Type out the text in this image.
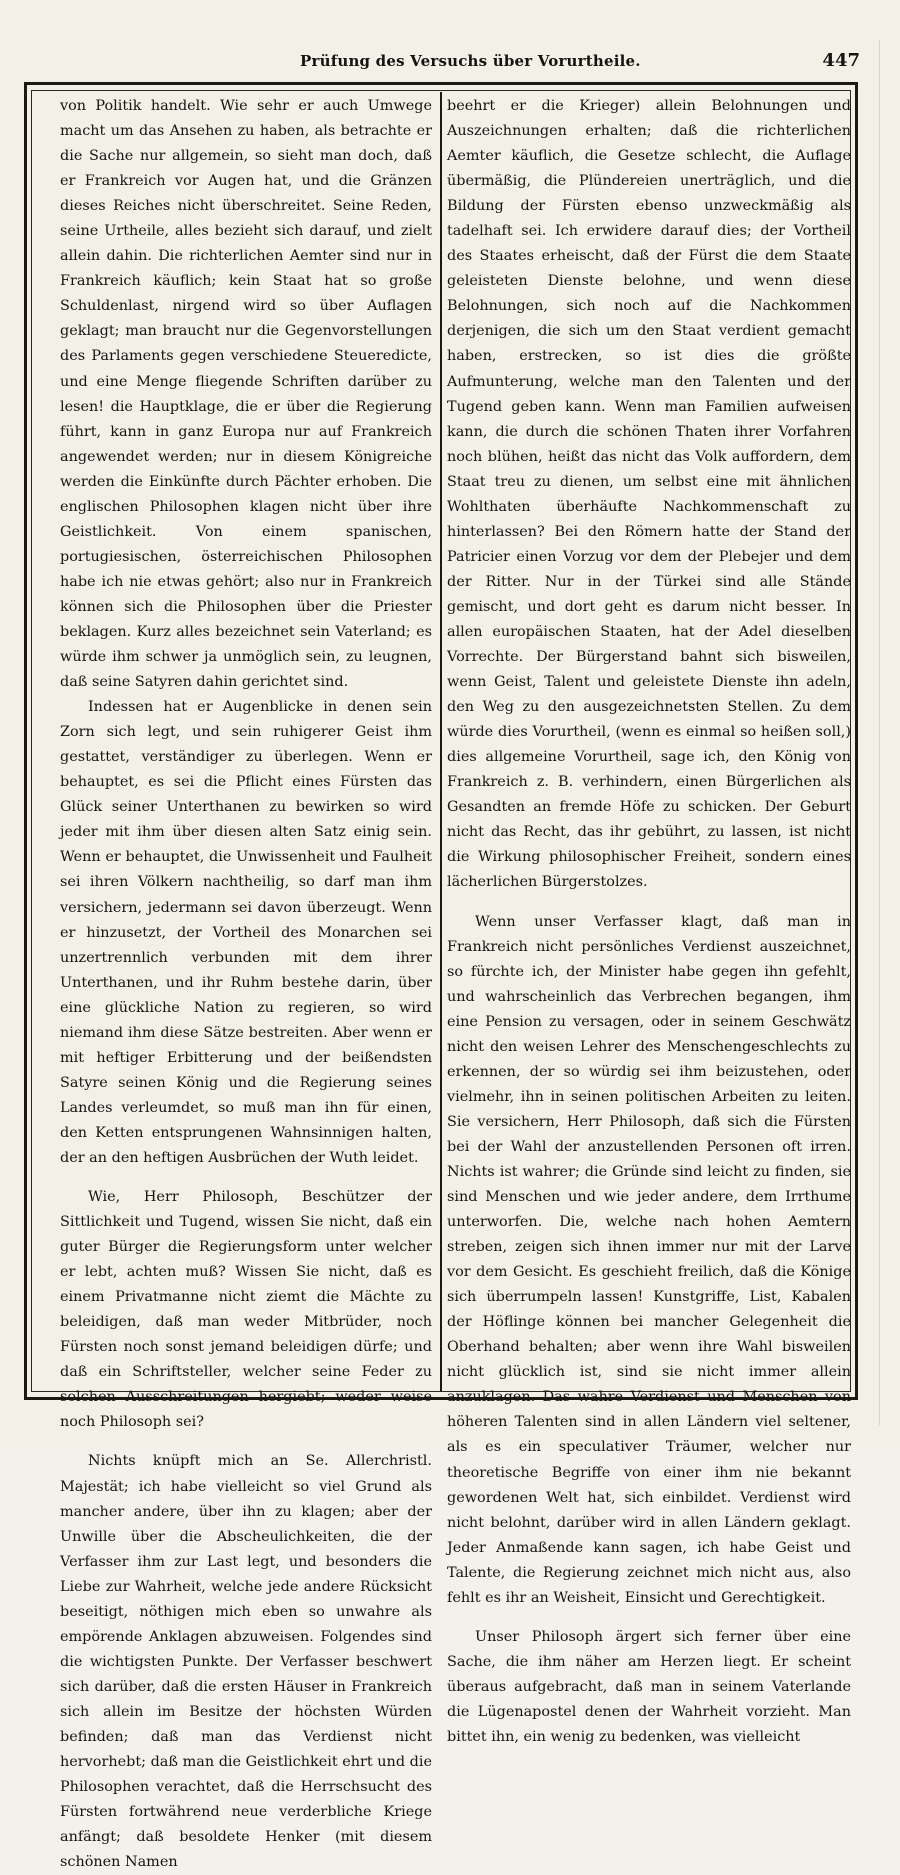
Prüfung des Versuchs über Vorurtheile.	447

von Politik handelt. Wie sehr er auch Umwege macht um das Ansehen zu haben, als betrachte er die Sache nur allgemein, so sieht man doch, daß er Frankreich vor Augen hat, und die Gränzen dieses Reiches nicht überschreitet. Seine Reden, seine Urtheile, alles bezieht sich darauf, und zielt allein dahin. Die richterlichen Aemter sind nur in Frankreich käuflich; kein Staat hat so große Schuldenlast, nirgend wird so über Auflagen geklagt; man braucht nur die Gegenvorstellungen des Parlaments gegen verschiedene Steueredicte, und eine Menge fliegende Schriften darüber zu lesen! die Hauptklage, die er über die Regierung führt, kann in ganz Europa nur auf Frankreich angewendet werden; nur in diesem Königreiche werden die Einkünfte durch Pächter erhoben. Die englischen Philosophen klagen nicht über ihre Geistlichkeit. Von einem spanischen, portugiesischen, österreichischen Philosophen habe ich nie etwas gehört; also nur in Frankreich können sich die Philosophen über die Priester beklagen. Kurz alles bezeichnet sein Vaterland; es würde ihm schwer ja unmöglich sein, zu leugnen, daß seine Satyren dahin gerichtet sind.

Indessen hat er Augenblicke in denen sein Zorn sich legt, und sein ruhigerer Geist ihm gestattet, verständiger zu überlegen. Wenn er behauptet, es sei die Pflicht eines Fürsten das Glück seiner Unterthanen zu bewirken so wird jeder mit ihm über diesen alten Satz einig sein. Wenn er behauptet, die Unwissenheit und Faulheit sei ihren Völkern nachtheilig, so darf man ihm versichern, jedermann sei davon überzeugt. Wenn er hinzusetzt, der Vortheil des Monarchen sei unzertrennlich verbunden mit dem ihrer Unterthanen, und ihr Ruhm bestehe darin, über eine glückliche Nation zu regieren, so wird niemand ihm diese Sätze bestreiten. Aber wenn er mit heftiger Erbitterung und der beißendsten Satyre seinen König und die Regierung seines Landes verleumdet, so muß man ihn für einen, den Ketten entsprungenen Wahnsinnigen halten, der an den heftigen Ausbrüchen der Wuth leidet.

Wie, Herr Philosoph, Beschützer der Sittlichkeit und Tugend, wissen Sie nicht, daß ein guter Bürger die Regierungsform unter welcher er lebt, achten muß? Wissen Sie nicht, daß es einem Privatmanne nicht ziemt die Mächte zu beleidigen, daß man weder Mitbrüder, noch Fürsten noch sonst jemand beleidigen dürfe; und daß ein Schriftsteller, welcher seine Feder zu solchen Ausschreitungen hergiebt; weder weise noch Philosoph sei?

Nichts knüpft mich an Se. Allerchristl. Majestät; ich habe vielleicht so viel Grund als mancher andere, über ihn zu klagen; aber der Unwille über die Abscheulichkeiten, die der Verfasser ihm zur Last legt, und besonders die Liebe zur Wahrheit, welche jede andere Rücksicht beseitigt, nöthigen mich eben so unwahre als empörende Anklagen abzuweisen. Folgendes sind die wichtigsten Punkte. Der Verfasser beschwert sich darüber, daß die ersten Häuser in Frankreich sich allein im Besitze der höchsten Würden befinden; daß man das Verdienst nicht hervorhebt; daß man die Geistlichkeit ehrt und die Philosophen verachtet, daß die Herrschsucht des Fürsten fortwährend neue verderbliche Kriege anfängt; daß besoldete Henker (mit diesem schönen Namen

beehrt er die Krieger) allein Belohnungen und Auszeichnungen erhalten; daß die richterlichen Aemter käuflich, die Gesetze schlecht, die Auflage übermäßig, die Plündereien unerträglich, und die Bildung der Fürsten ebenso unzweckmäßig als tadelhaft sei. Ich erwidere darauf dies; der Vortheil des Staates erheischt, daß der Fürst die dem Staate geleisteten Dienste belohne, und wenn diese Belohnungen, sich noch auf die Nachkommen derjenigen, die sich um den Staat verdient gemacht haben, erstrecken, so ist dies die größte Aufmunterung, welche man den Talenten und der Tugend geben kann. Wenn man Familien aufweisen kann, die durch die schönen Thaten ihrer Vorfahren noch blühen, heißt das nicht das Volk auffordern, dem Staat treu zu dienen, um selbst eine mit ähnlichen Wohlthaten überhäufte Nachkommenschaft zu hinterlassen? Bei den Römern hatte der Stand der Patricier einen Vorzug vor dem der Plebejer und dem der Ritter. Nur in der Türkei sind alle Stände gemischt, und dort geht es darum nicht besser. In allen europäischen Staaten, hat der Adel dieselben Vorrechte. Der Bürgerstand bahnt sich bisweilen, wenn Geist, Talent und geleistete Dienste ihn adeln, den Weg zu den ausgezeichnetsten Stellen. Zu dem würde dies Vorurtheil, (wenn es einmal so heißen soll,) dies allgemeine Vorurtheil, sage ich, den König von Frankreich z. B. verhindern, einen Bürgerlichen als Gesandten an fremde Höfe zu schicken. Der Geburt nicht das Recht, das ihr gebührt, zu lassen, ist nicht die Wirkung philosophischer Freiheit, sondern eines lächerlichen Bürgerstolzes.

Wenn unser Verfasser klagt, daß man in Frankreich nicht persönliches Verdienst auszeichnet, so fürchte ich, der Minister habe gegen ihn gefehlt, und wahrscheinlich das Verbrechen begangen, ihm eine Pension zu versagen, oder in seinem Geschwätz nicht den weisen Lehrer des Menschengeschlechts zu erkennen, der so würdig sei ihm beizustehen, oder vielmehr, ihn in seinen politischen Arbeiten zu leiten. Sie versichern, Herr Philosoph, daß sich die Fürsten bei der Wahl der anzustellenden Personen oft irren. Nichts ist wahrer; die Gründe sind leicht zu finden, sie sind Menschen und wie jeder andere, dem Irrthume unterworfen. Die, welche nach hohen Aemtern streben, zeigen sich ihnen immer nur mit der Larve vor dem Gesicht. Es geschieht freilich, daß die Könige sich überrumpeln lassen! Kunstgriffe, List, Kabalen der Höflinge können bei mancher Gelegenheit die Oberhand behalten; aber wenn ihre Wahl bisweilen nicht glücklich ist, sind sie nicht immer allein anzuklagen. Das wahre Verdienst und Menschen von höheren Talenten sind in allen Ländern viel seltener, als es ein speculativer Träumer, welcher nur theoretische Begriffe von einer ihm nie bekannt gewordenen Welt hat, sich einbildet. Verdienst wird nicht belohnt, darüber wird in allen Ländern geklagt. Jeder Anmaßende kann sagen, ich habe Geist und Talente, die Regierung zeichnet mich nicht aus, also fehlt es ihr an Weisheit, Einsicht und Gerechtigkeit.

Unser Philosoph ärgert sich ferner über eine Sache, die ihm näher am Herzen liegt. Er scheint überaus aufgebracht, daß man in seinem Vaterlande die Lügenapostel denen der Wahrheit vorzieht. Man bittet ihn, ein wenig zu bedenken, was vielleicht
